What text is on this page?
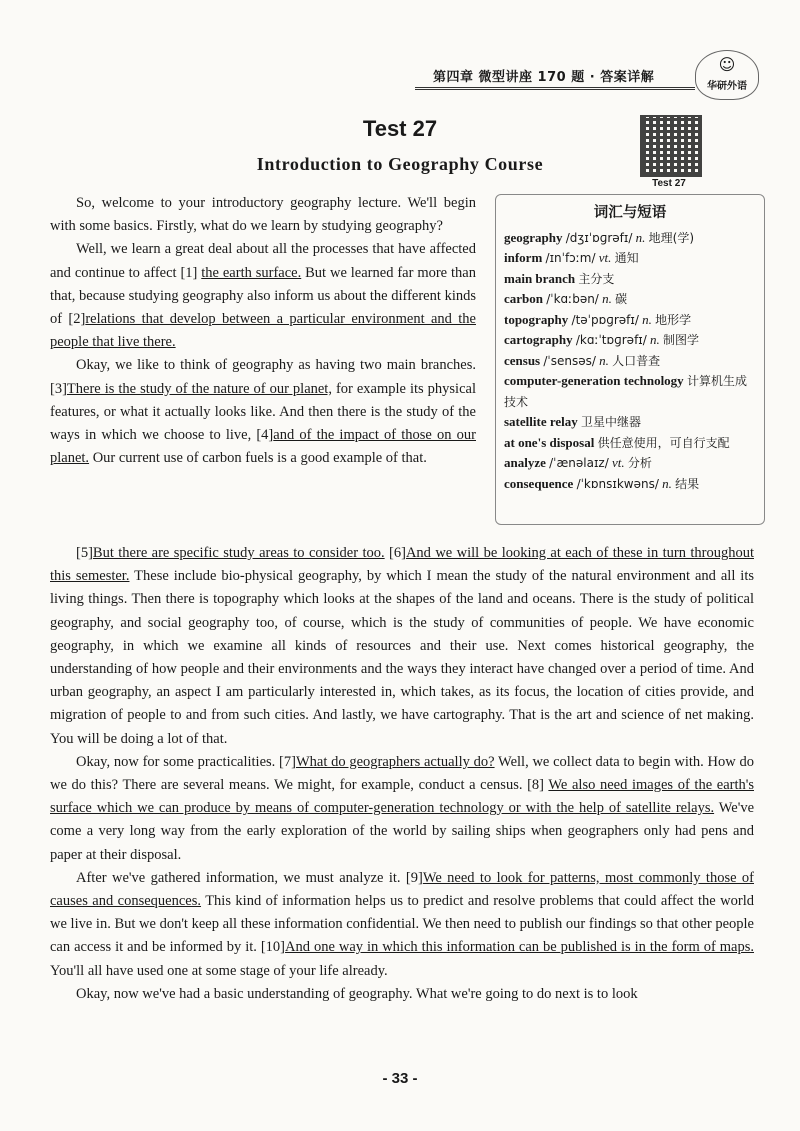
第四章 微型讲座 170 题 · 答案详解
☺
华研外语
Test 27
Introduction to Geography Course
Test 27
词汇与短语
geography /dʒɪˈɒɡrəfɪ/ n. 地理(学)
inform /ɪnˈfɔːm/ vt. 通知
main branch 主分支
carbon /ˈkɑːbən/ n. 碳
topography /təˈpɒɡrəfɪ/ n. 地形学
cartography /kɑːˈtɒɡrəfɪ/ n. 制图学
census /ˈsensəs/ n. 人口普查
computer-generation technology 计算机生成技术
satellite relay 卫星中继器
at one's disposal 供任意使用，可自行支配
analyze /ˈænəlaɪz/ vt. 分析
consequence /ˈkɒnsɪkwəns/ n. 结果

So, welcome to your introductory geography lecture. We'll begin with some basics. Firstly, what do we learn by studying geography?

Well, we learn a great deal about all the processes that have affected and continue to affect [1] the earth surface. But we learned far more than that, because studying geography also inform us about the different kinds of [2]relations that develop between a particular environment and the people that live there.

Okay, we like to think of geography as having two main branches. [3]There is the study of the nature of our planet, for example its physical features, or what it actually looks like. And then there is the study of the ways in which we choose to live, [4]and of the impact of those on our planet. Our current use of carbon fuels is a good example of that.

[5]But there are specific study areas to consider too. [6]And we will be looking at each of these in turn throughout this semester. These include bio-physical geography, by which I mean the study of the natural environment and all its living things. Then there is topography which looks at the shapes of the land and oceans. There is the study of political geography, and social geography too, of course, which is the study of communities of people. We have economic geography, in which we examine all kinds of resources and their use. Next comes historical geography, the understanding of how people and their environments and the ways they interact have changed over a period of time. And urban geography, an aspect I am particularly interested in, which takes, as its focus, the location of cities provide, and migration of people to and from such cities. And lastly, we have cartography. That is the art and science of net making. You will be doing a lot of that.

Okay, now for some practicalities. [7]What do geographers actually do? Well, we collect data to begin with. How do we do this? There are several means. We might, for example, conduct a census. [8] We also need images of the earth's surface which we can produce by means of computer-generation technology or with the help of satellite relays. We've come a very long way from the early exploration of the world by sailing ships when geographers only had pens and paper at their disposal.

After we've gathered information, we must analyze it. [9]We need to look for patterns, most commonly those of causes and consequences. This kind of information helps us to predict and resolve problems that could affect the world we live in. But we don't keep all these information confidential. We then need to publish our findings so that other people can access it and be informed by it. [10]And one way in which this information can be published is in the form of maps. You'll all have used one at some stage of your life already.

Okay, now we've had a basic understanding of geography. What we're going to do next is to look

- 33 -
